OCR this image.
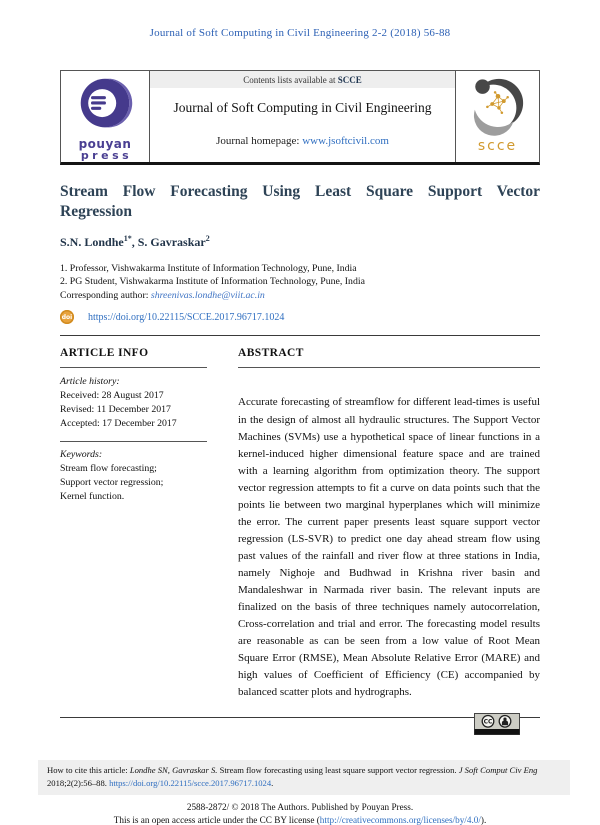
Journal of Soft Computing in Civil Engineering 2-2 (2018) 56-88
pouyan
press
Contents lists available at SCCE
Journal of Soft Computing in Civil Engineering
Journal homepage: www.jsoftcivil.com	scce
Stream Flow Forecasting Using Least Square Support Vector Regression
S.N. Londhe$^{1*}$, S. Gavraskar$^2$
1. Professor, Vishwakarma Institute of Information Technology, Pune, India
2. PG Student, Vishwakarma Institute of Information Technology, Pune, India
Corresponding author: shreenivas.londhe@viit.ac.in
doi https://doi.org/10.22115/SCCE.2017.96717.1024
ARTICLE INFO
Article history:
Received: 28 August 2017
Revised: 11 December 2017
Accepted: 17 December 2017
Keywords:
Stream flow forecasting;
Support vector regression;
Kernel function.
ABSTRACT
Accurate forecasting of streamflow for different lead-times is useful in the design of almost all hydraulic structures. The Support Vector Machines (SVMs) use a hypothetical space of linear functions in a kernel-induced higher dimensional feature space and are trained with a learning algorithm from optimization theory. The support vector regression attempts to fit a curve on data points such that the points lie between two marginal hyperplanes which will minimize the error. The current paper presents least square support vector regression (LS-SVR) to predict one day ahead stream flow using past values of the rainfall and river flow at three stations in India, namely Nighoje and Budhwad in Krishna river basin and Mandaleshwar in Narmada river basin. The relevant inputs are finalized on the basis of three techniques namely autocorrelation, Cross-correlation and trial and error. The forecasting model results are reasonable as can be seen from a low value of Root Mean Square Error (RMSE), Mean Absolute Relative Error (MARE) and high values of Coefficient of Efficiency (CE) accompanied by balanced scatter plots and hydrographs.
How to cite this article: Londhe SN, Gavraskar S. Stream flow forecasting using least square support vector regression. J Soft Comput Civ Eng 2018;2(2):56–88. https://doi.org/10.22115/scce.2017.96717.1024.
2588-2872/ © 2018 The Authors. Published by Pouyan Press.
This is an open access article under the CC BY license (http://creativecommons.org/licenses/by/4.0/).
CC
